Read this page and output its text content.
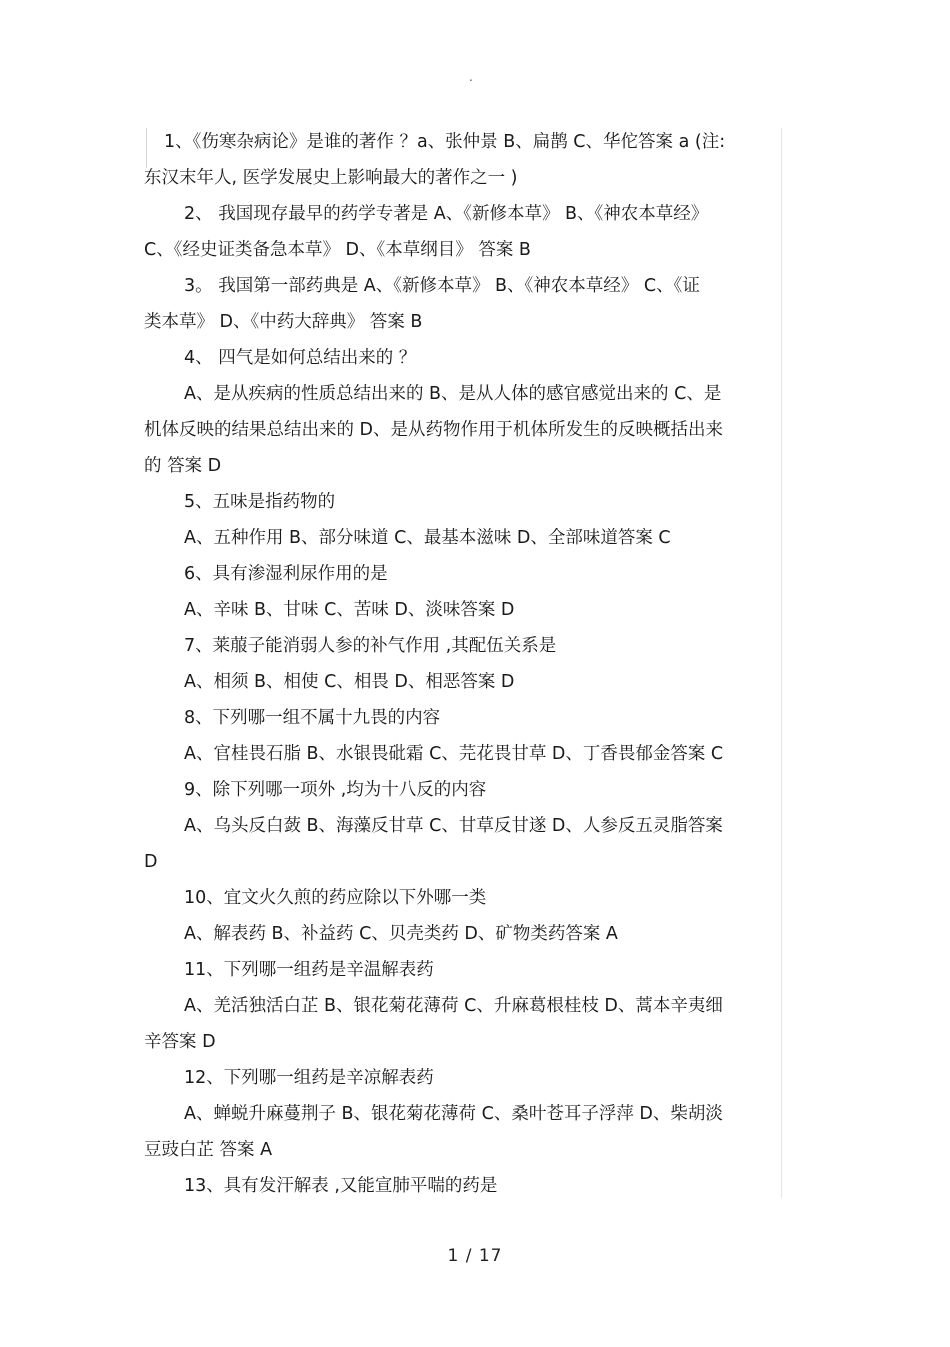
.
1、《伤寒杂病论》是谁的著作 ？a、张仲景 B、扁鹊 C、华佗答案 a (注:
东汉末年人, 医学发展史上影响最大的著作之一 )
2、 我国现存最早的药学专著是 A、《新修本草》 B、《神农本草经》
C、《经史证类备急本草》 D、《本草纲目》 答案 B
3。 我国第一部药典是 A、《新修本草》 B、《神农本草经》 C、《证
类本草》 D、《中药大辞典》 答案 B
4、 四气是如何总结出来的 ？
A、是从疾病的性质总结出来的 B、是从人体的感官感觉出来的 C、是
机体反映的结果总结出来的 D、是从药物作用于机体所发生的反映概括出来
的 答案 D
5、五味是指药物的
A、五种作用 B、部分味道 C、最基本滋味 D、全部味道答案 C
6、具有渗湿利尿作用的是
A、辛味 B、甘味 C、苦味 D、淡味答案 D
7、莱菔子能消弱人参的补气作用 ,其配伍关系是
A、相须 B、相使 C、相畏 D、相恶答案 D
8、下列哪一组不属十九畏的内容
A、官桂畏石脂 B、水银畏砒霜 C、芫花畏甘草 D、丁香畏郁金答案 C
9、除下列哪一项外 ,均为十八反的内容
A、乌头反白蔹 B、海藻反甘草 C、甘草反甘遂 D、人参反五灵脂答案
D
10、宜文火久煎的药应除以下外哪一类
A、解表药 B、补益药 C、贝壳类药 D、矿物类药答案 A
11、下列哪一组药是辛温解表药
A、羌活独活白芷 B、银花菊花薄荷 C、升麻葛根桂枝 D、蒿本辛夷细
辛答案 D
12、下列哪一组药是辛凉解表药
A、蝉蜕升麻蔓荆子 B、银花菊花薄荷 C、桑叶苍耳子浮萍 D、柴胡淡
豆豉白芷 答案 A
13、具有发汗解表 ,又能宣肺平喘的药是
1 / 17
